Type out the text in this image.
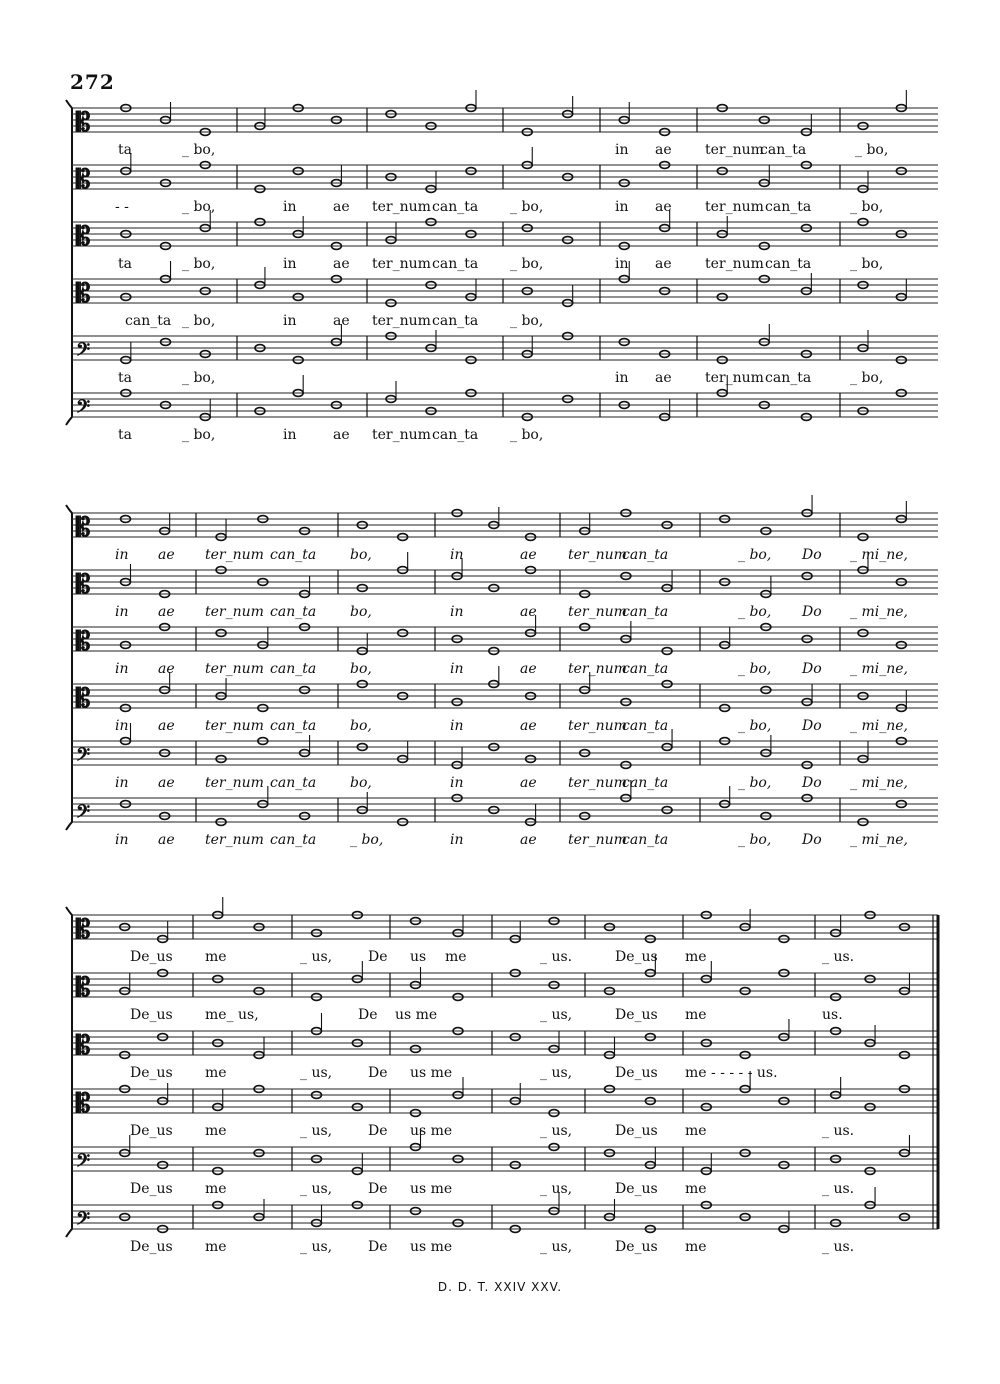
272
𝄡
ta	_ bo,	in ae ter_num
can_ta	_ bo,
𝄡
- -	_ bo,	in	ae ter_num can_ta _ bo,	in ae ter_num can_ta	_ bo,
𝄡
ta	_ bo,	in	ae ter_num can_ta _ bo,	in ae ter_num can_ta	_ bo,
𝄡
can_ta _ bo,	in	ae ter_num can_ta _ bo,
𝄢
ta	_ bo,	in ae ter_num can_ta	_ bo,
𝄢
ta	_ bo,	in	ae ter_num can_ta _ bo,
𝄡
in ae ter_num can_ta bo,	in	ae ter_num
can_ta	_ bo, Do _ mi_ne,
𝄡
in ae ter_num can_ta bo,	in	ae ter_num
can_ta	_ bo, Do _ mi_ne,
𝄡
in ae ter_num can_ta bo,	in	ae ter_num
can_ta	_ bo, Do _ mi_ne,
𝄡
in ae ter_num can_ta bo,	in	ae ter_num
can_ta	_ bo, Do _ mi_ne,
𝄢
in ae ter_num can_ta bo,	in	ae ter_num
can_ta	_ bo, Do _ mi_ne,
𝄢
in ae ter_num can_ta _ bo,	in	ae ter_num
can_ta	_ bo, Do _ mi_ne,
𝄡
De_us me	_ us,	De us me	_ us.	De_us me	_ us.
𝄡
De_us me_ us,	De us me	_ us,	De_us me	us.
𝄡
De_us me	_ us,	De us me	_ us,	De_us me - - - - - us.
𝄡
De_us me	_ us,	De us me	_ us,	De_us me	_ us.
𝄢
De_us me	_ us,	De us me	_ us,	De_us me	_ us.
𝄢
De_us me	_ us,	De us me	_ us,	De_us me	_ us.
D. D. T. XXIV XXV.
